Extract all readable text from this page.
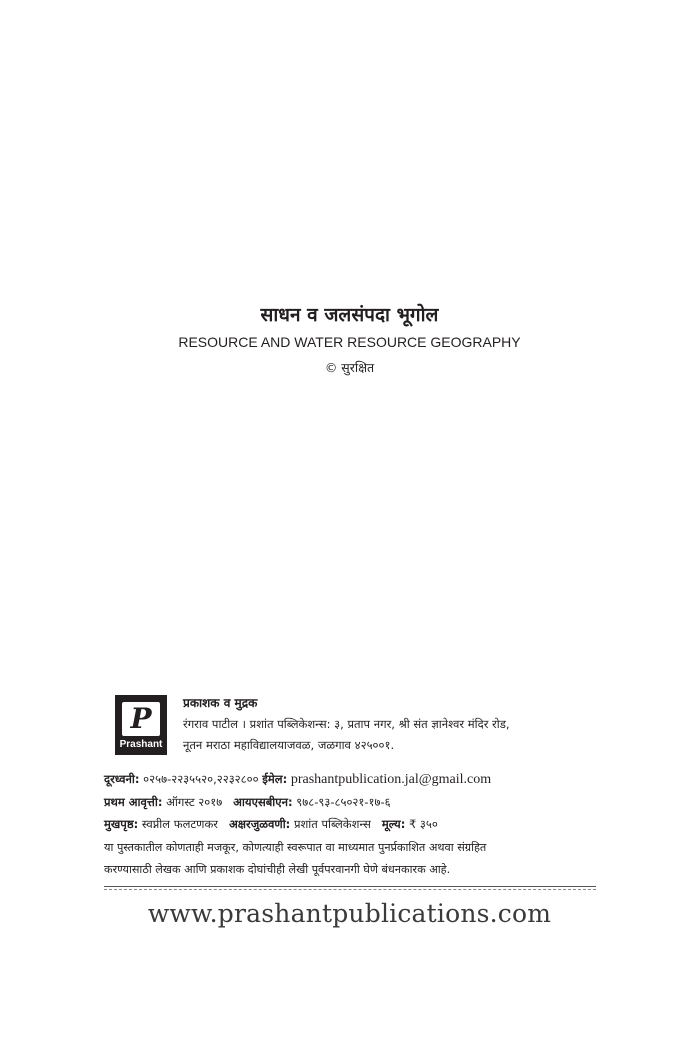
साधन व जलसंपदा भूगोल
RESOURCE AND WATER RESOURCE GEOGRAPHY
© सुरक्षित
P
Prashant
प्रकाशक व मुद्रक
रंगराव पाटील । प्रशांत पब्लिकेशन्स: ३, प्रताप नगर, श्री संत ज्ञानेश्वर मंदिर रोड,
नूतन मराठा महाविद्यालयाजवळ, जळगाव ४२५००१.
दूरध्वनी: ०२५७-२२३५५२०,२२३२८०० ईमेल: prashantpublication.jal@gmail.com
प्रथम आवृत्ती: ऑगस्ट २०१७ आयएसबीएन: ९७८-९३-८५०२१-१७-६
मुखपृष्ठ: स्वप्नील फलटणकर अक्षरजुळवणी: प्रशांत पब्लिकेशन्स मूल्य: ₹ ३५०
या पुस्तकातील कोणताही मजकूर, कोणत्याही स्वरूपात वा माध्यमात पुनर्प्रकाशित अथवा संग्रहित
करण्यासाठी लेखक आणि प्रकाशक दोघांचीही लेखी पूर्वपरवानगी घेणे बंधनकारक आहे.
www.prashantpublications.com
